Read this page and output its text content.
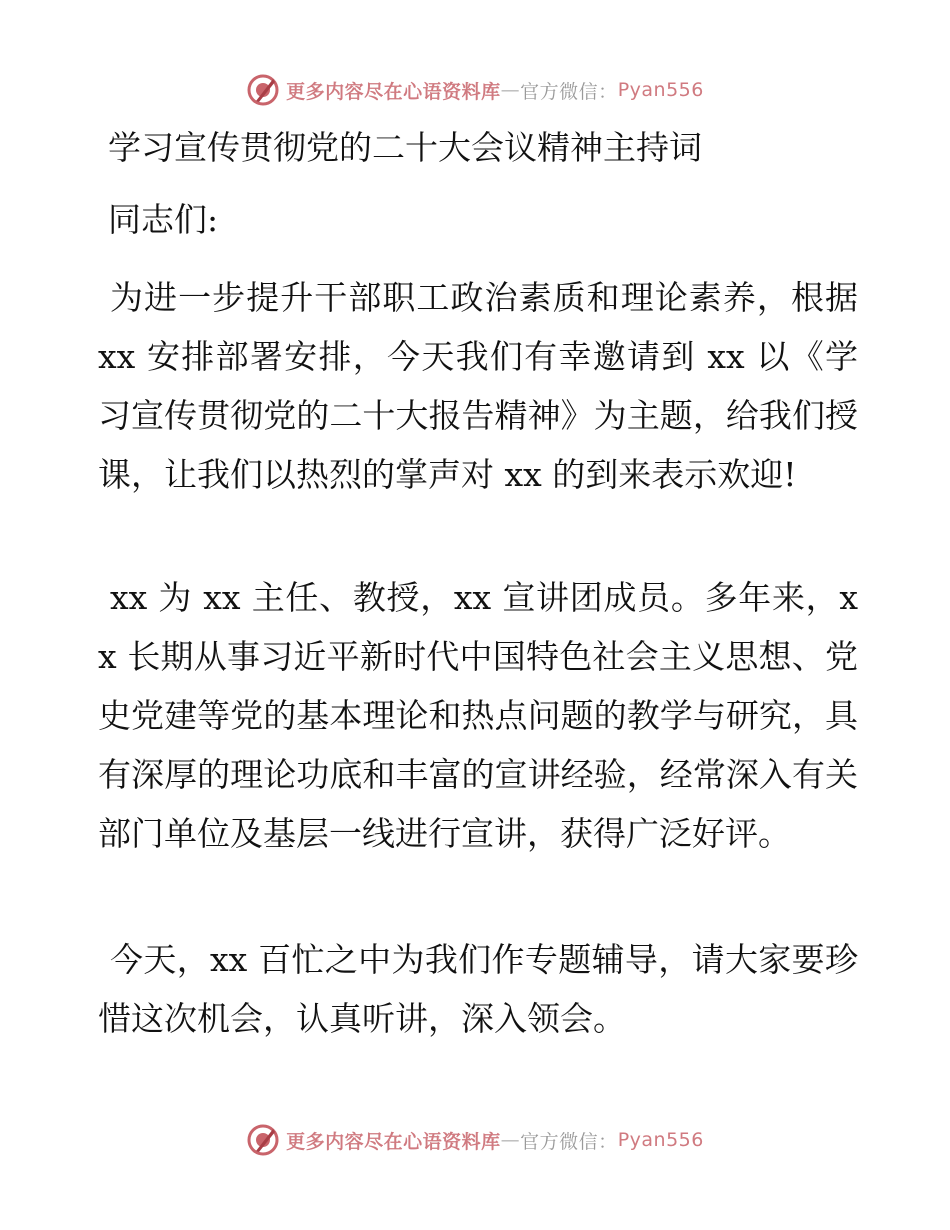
更多内容尽在心语资料库 — 官方微信： Pyan556
学习宣传贯彻党的二十大会议精神主持词
同志们:

为进一步提升干部职工政治素质和理论素养，根据 xx 安排部署安排，今天我们有幸邀请到 xx 以《学习宣传贯彻党的二十大报告精神》为主题，给我们授课，让我们以热烈的掌声对 xx 的到来表示欢迎!

xx 为 xx 主任、教授，xx 宣讲团成员。多年来，xx 长期从事习近平新时代中国特色社会主义思想、党史党建等党的基本理论和热点问题的教学与研究，具有深厚的理论功底和丰富的宣讲经验，经常深入有关部门单位及基层一线进行宣讲，获得广泛好评。

今天，xx 百忙之中为我们作专题辅导，请大家要珍惜这次机会，认真听讲，深入领会。

更多内容尽在心语资料库 — 官方微信： Pyan556
